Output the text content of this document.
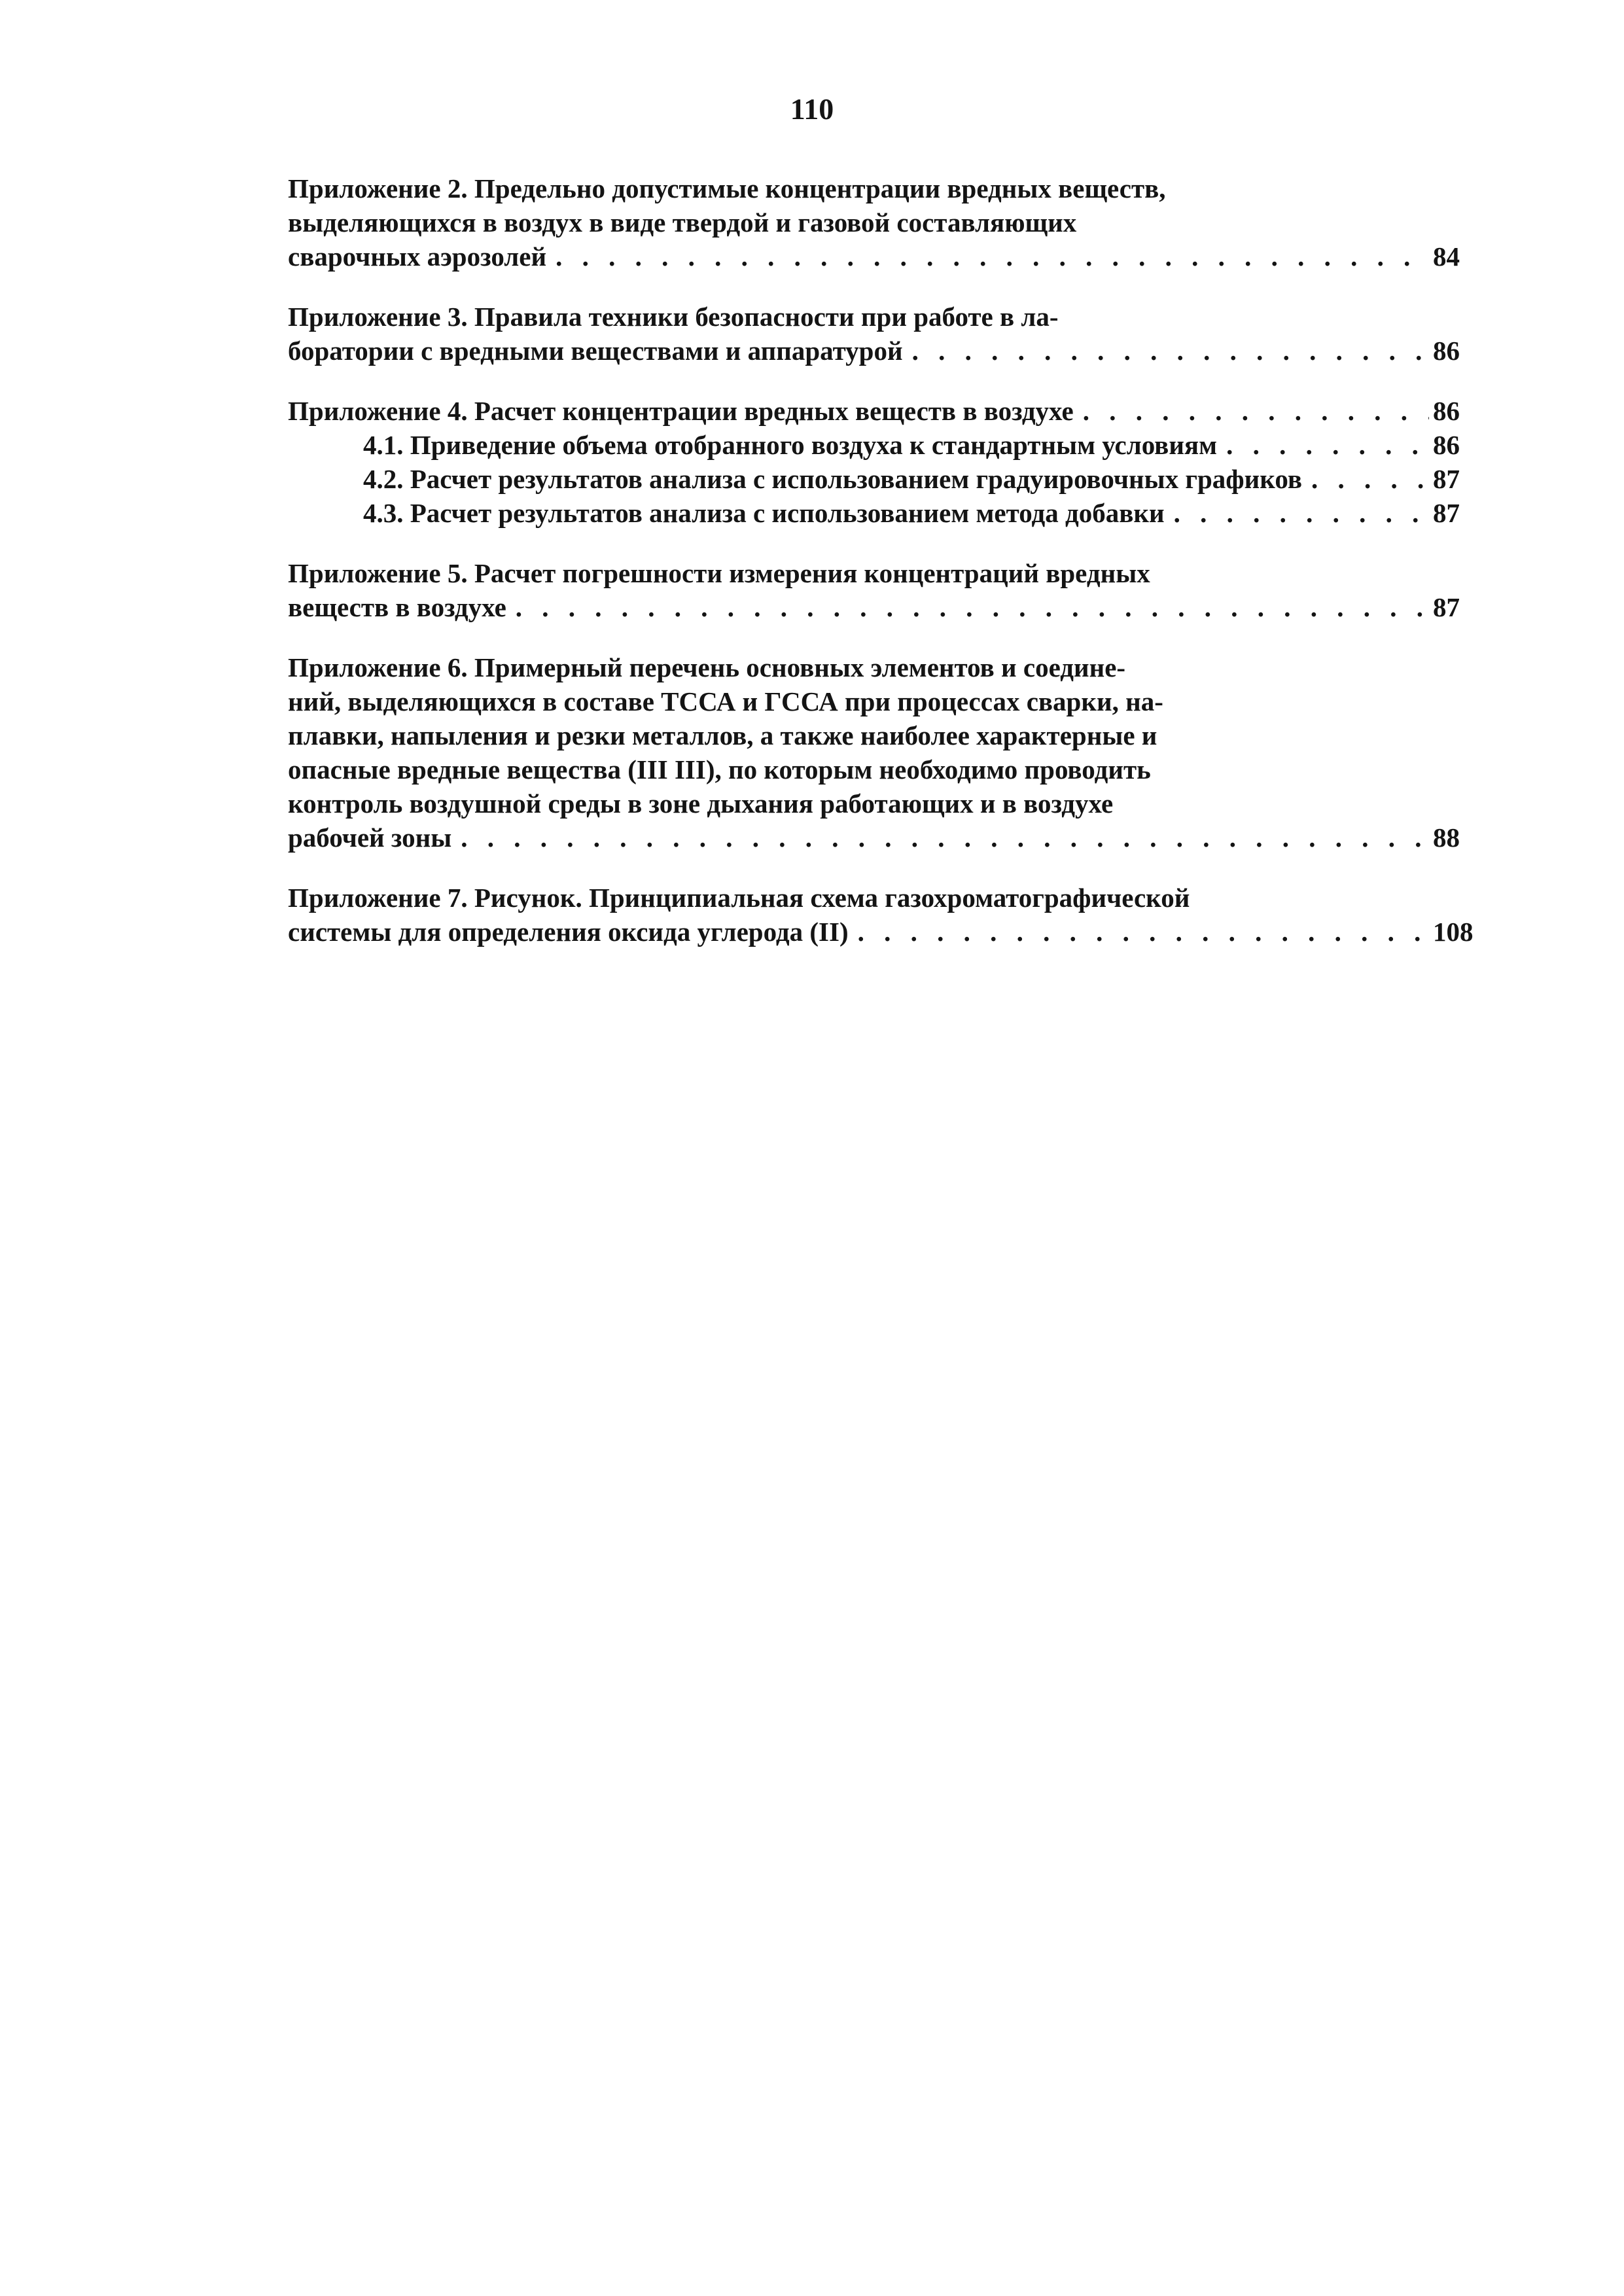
110
Приложение 2. Предельно допустимые концентрации вредных веществ,
выделяющихся в воздух в виде твердой и газовой составляющих
сварочных аэрозолей . . .	84
Приложение 3. Правила техники безопасности при работе в ла-
боратории с вредными веществами и аппаратурой . . .	86
Приложение 4. Расчет концентрации вредных веществ в воздухе . . .	86
4.1. Приведение объема отобранного воздуха к стандартным условиям . . .	86
4.2. Расчет результатов анализа с использованием градуировочных графиков . . .	87
4.3. Расчет результатов анализа с использованием метода добавки . . .	87
Приложение 5. Расчет погрешности измерения концентраций вредных
веществ в воздухе . . .	87
Приложение 6. Примерный перечень основных элементов и соедине-
ний, выделяющихся в составе ТССА и ГССА при процессах сварки, на-
плавки, напыления и резки металлов, а также наиболее характерные и
опасные вредные вещества (III III), по которым необходимо проводить
контроль воздушной среды в зоне дыхания работающих и в воздухе
рабочей зоны . . .	88
Приложение 7. Рисунок. Принципиальная схема газохроматографической
системы для определения оксида углерода (II) . . .	108
